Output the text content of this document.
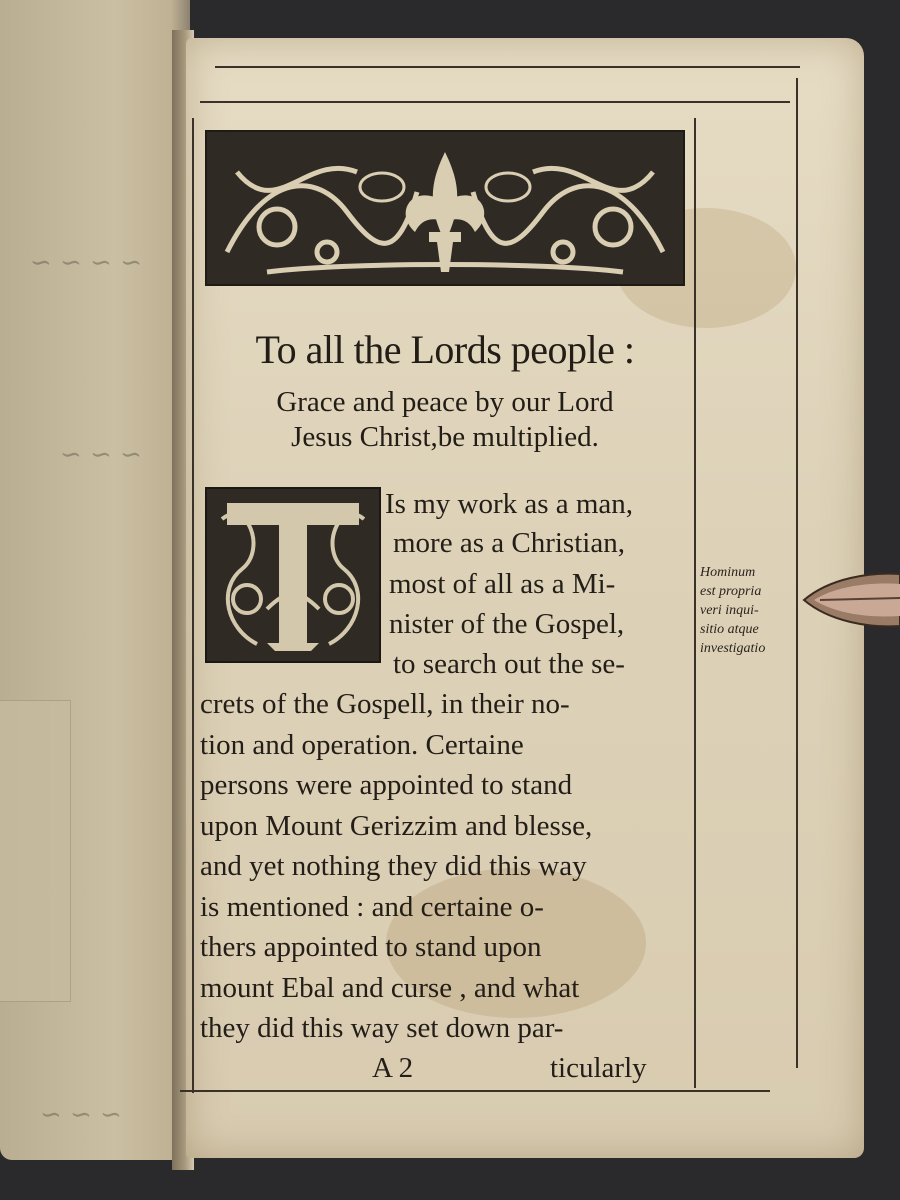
∼ ∼ ∼ ∼
∼ ∼ ∼
∼ ∼ ∼
To all the Lords people :
Grace and peace by our Lord
Jesus Christ,be multiplied.
Is my work as a man,
more as a Christian,
most of all as a Mi-
nister of the Gospel,
to search out the se-
crets of the Gospell, in their no-
tion and operation. Certaine
persons were appointed to stand
upon Mount Gerizzim and blesse,
and yet nothing they did this way
is mentioned : and certaine o-
thers appointed to stand upon
mount Ebal and curse , and what
they did this way set down par-
Hominum
est propria
veri inqui-
sitio atque
investigatio
A 2	ticularly
